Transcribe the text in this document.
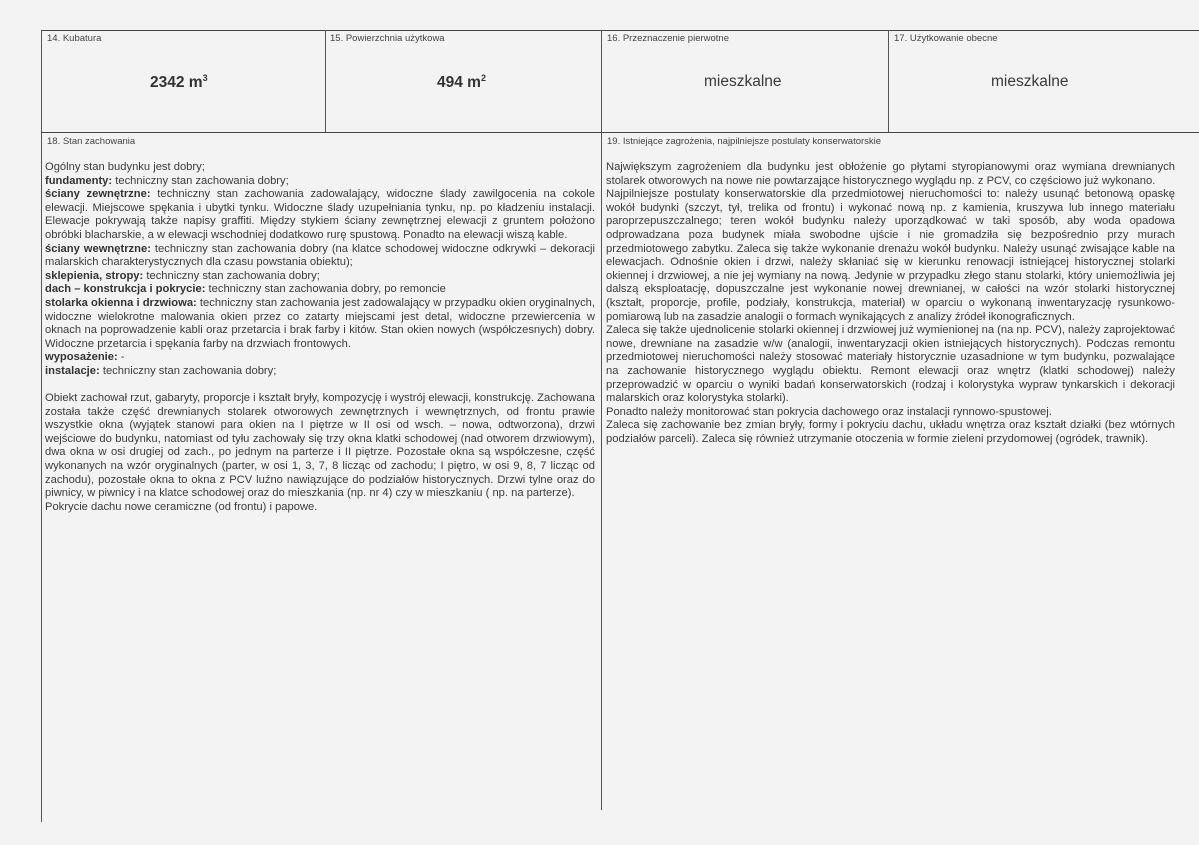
14. Kubatura
2342 $m^3$
15. Powierzchnia użytkowa
494 $m^2$
16. Przeznaczenie pierwotne
mieszkalne
17. Użytkowanie obecne
mieszkalne
18. Stan zachowania	19. Istniejące zagrożenia, najpilniejsze postulaty konserwatorskie

Ogólny stan budynku jest dobry;

fundamenty: techniczny stan zachowania dobry;

ściany zewnętrzne: techniczny stan zachowania zadowalający, widoczne ślady zawilgocenia na cokole elewacji. Miejscowe spękania i ubytki tynku. Widoczne ślady uzupełniania tynku, np. po kładzeniu instalacji. Elewacje pokrywają także napisy graffiti. Między stykiem ściany zewnętrznej elewacji z gruntem położono obróbki blacharskie, a w elewacji wschodniej dodatkowo rurę spustową. Ponadto na elewacji wiszą kable.

ściany wewnętrzne: techniczny stan zachowania dobry (na klatce schodowej widoczne odkrywki – dekoracji malarskich charakterystycznych dla czasu powstania obiektu);

sklepienia, stropy: techniczny stan zachowania dobry;

dach – konstrukcja i pokrycie: techniczny stan zachowania dobry, po remoncie

stolarka okienna i drzwiowa: techniczny stan zachowania jest zadowalający w przypadku okien oryginalnych, widoczne wielokrotne malowania okien przez co zatarty miejscami jest detal, widoczne przewiercenia w oknach na poprowadzenie kabli oraz przetarcia i brak farby i kitów. Stan okien nowych (współczesnych) dobry. Widoczne przetarcia i spękania farby na drzwiach frontowych.

wyposażenie: -

instalacje: techniczny stan zachowania dobry;

Obiekt zachował rzut, gabaryty, proporcje i kształt bryły, kompozycję i wystrój elewacji, konstrukcję. Zachowana została także część drewnianych stolarek otworowych zewnętrznych i wewnętrznych, od frontu prawie wszystkie okna (wyjątek stanowi para okien na I piętrze w II osi od wsch. – nowa, odtworzona), drzwi wejściowe do budynku, natomiast od tyłu zachowały się trzy okna klatki schodowej (nad otworem drzwiowym), dwa okna w osi drugiej od zach., po jednym na parterze i II piętrze. Pozostałe okna są współczesne, część wykonanych na wzór oryginalnych (parter, w osi 1, 3, 7, 8 licząc od zachodu; I piętro, w osi 9, 8, 7 licząc od zachodu), pozostałe okna to okna z PCV luźno nawiązujące do podziałów historycznych. Drzwi tylne oraz do piwnicy, w piwnicy i na klatce schodowej oraz do mieszkania (np. nr 4) czy w mieszkaniu ( np. na parterze).

Pokrycie dachu nowe ceramiczne (od frontu) i papowe.

Największym zagrożeniem dla budynku jest obłożenie go płytami styropianowymi oraz wymiana drewnianych stolarek otworowych na nowe nie powtarzające historycznego wyglądu np. z PCV, co częściowo już wykonano.

Najpilniejsze postulaty konserwatorskie dla przedmiotowej nieruchomości to: należy usunąć betonową opaskę wokół budynki (szczyt, tył, trelika od frontu) i wykonać nową np. z kamienia, kruszywa lub innego materiału paroprzepuszczalnego; teren wokół budynku należy uporządkować w taki sposób, aby woda opadowa odprowadzana poza budynek miała swobodne ujście i nie gromadziła się bezpośrednio przy murach przedmiotowego zabytku. Zaleca się także wykonanie drenażu wokół budynku. Należy usunąć zwisające kable na elewacjach. Odnośnie okien i drzwi, należy skłaniać się w kierunku renowacji istniejącej historycznej stolarki okiennej i drzwiowej, a nie jej wymiany na nową. Jedynie w przypadku złego stanu stolarki, który uniemożliwia jej dalszą eksploatację, dopuszczalne jest wykonanie nowej drewnianej, w całości na wzór stolarki historycznej (kształt, proporcje, profile, podziały, konstrukcja, materiał) w oparciu o wykonaną inwentaryzację rysunkowo-pomiarową lub na zasadzie analogii o formach wynikających z analizy źródeł ikonograficznych.

Zaleca się także ujednolicenie stolarki okiennej i drzwiowej już wymienionej na (na np. PCV), należy zaprojektować nowe, drewniane na zasadzie w/w (analogii, inwentaryzacji okien istniejących historycznych). Podczas remontu przedmiotowej nieruchomości należy stosować materiały historycznie uzasadnione w tym budynku, pozwalające na zachowanie historycznego wyglądu obiektu. Remont elewacji oraz wnętrz (klatki schodowej) należy przeprowadzić w oparciu o wyniki badań konserwatorskich (rodzaj i kolorystyka wypraw tynkarskich i dekoracji malarskich oraz kolorystyka stolarki).

Ponadto należy monitorować stan pokrycia dachowego oraz instalacji rynnowo-spustowej.

Zaleca się zachowanie bez zmian bryły, formy i pokryciu dachu, układu wnętrza oraz kształt działki (bez wtórnych podziałów parceli). Zaleca się również utrzymanie otoczenia w formie zieleni przydomowej (ogródek, trawnik).
